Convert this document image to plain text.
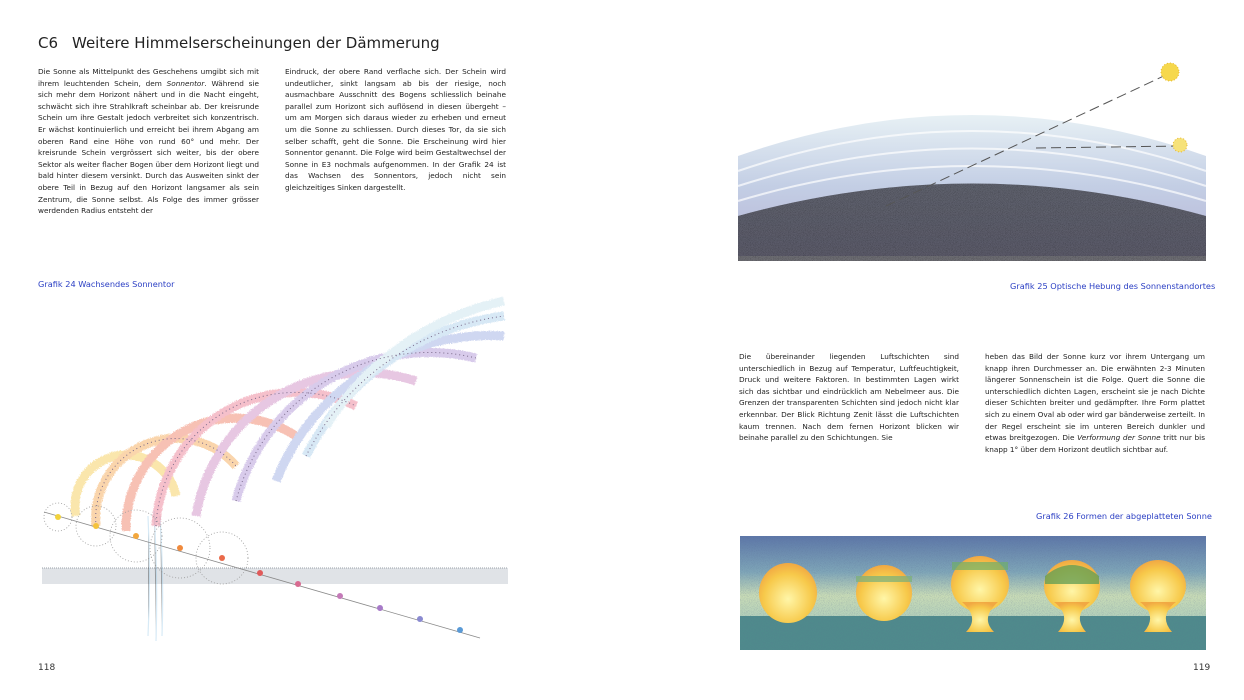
C6 Weitere Himmelserscheinungen der Dämmerung

Die Sonne als Mittelpunkt des Geschehens umgibt sich mit ihrem leuchtenden Schein, dem Sonnentor. Während sie sich mehr dem Horizont nähert und in die Nacht eingeht, schwächt sich ihre Strahlkraft scheinbar ab. Der kreisrunde Schein um ihre Gestalt jedoch verbreitet sich konzentrisch. Er wächst kontinuierlich und erreicht bei ihrem Abgang am oberen Rand eine Höhe von rund 60° und mehr. Der kreisrunde Schein vergrössert sich weiter, bis der obere Sektor als weiter flacher Bogen über dem Horizont liegt und bald hinter diesem versinkt. Durch das Ausweiten sinkt der obere Teil in Bezug auf den Horizont langsamer als sein Zentrum, die Sonne selbst. Als Folge des immer grösser werdenden Radius entsteht der

Eindruck, der obere Rand verflache sich. Der Schein wird undeutlicher, sinkt langsam ab bis der riesige, noch ausmachbare Ausschnitt des Bogens schliesslich beinahe parallel zum Horizont sich auflösend in diesen übergeht – um am Morgen sich daraus wieder zu erheben und erneut um die Sonne zu schliessen. Durch dieses Tor, da sie sich selber schafft, geht die Sonne. Die Erscheinung wird hier Sonnentor genannt. Die Folge wird beim Gestaltwechsel der Sonne in E3 nochmals aufgenommen. In der Grafik 24 ist das Wachsen des Sonnentors, jedoch nicht sein gleichzeitiges Sinken dargestellt.

Grafik 24 Wachsendes Sonnentor
118
Grafik 25 Optische Hebung des Sonnenstandortes

Die übereinander liegenden Luftschichten sind unterschiedlich in Bezug auf Temperatur, Luftfeuchtigkeit, Druck und weitere Faktoren. In bestimmten Lagen wirkt sich das sichtbar und eindrücklich am Nebelmeer aus. Die Grenzen der transparenten Schichten sind jedoch nicht klar erkennbar. Der Blick Richtung Zenit lässt die Luftschichten kaum trennen. Nach dem fernen Horizont blicken wir beinahe parallel zu den Schichtungen. Sie

heben das Bild der Sonne kurz vor ihrem Untergang um knapp ihren Durchmesser an. Die erwähnten 2-3 Minuten längerer Sonnenschein ist die Folge. Quert die Sonne die unterschiedlich dichten Lagen, erscheint sie je nach Dichte dieser Schichten breiter und gedämpfter. Ihre Form plattet sich zu einem Oval ab oder wird gar bänderweise zerteilt. In der Regel erscheint sie im unteren Bereich dunkler und etwas breitgezogen. Die Verformung der Sonne tritt nur bis knapp 1° über dem Horizont deutlich sichtbar auf.

Grafik 26 Formen der abgeplatteten Sonne
119
